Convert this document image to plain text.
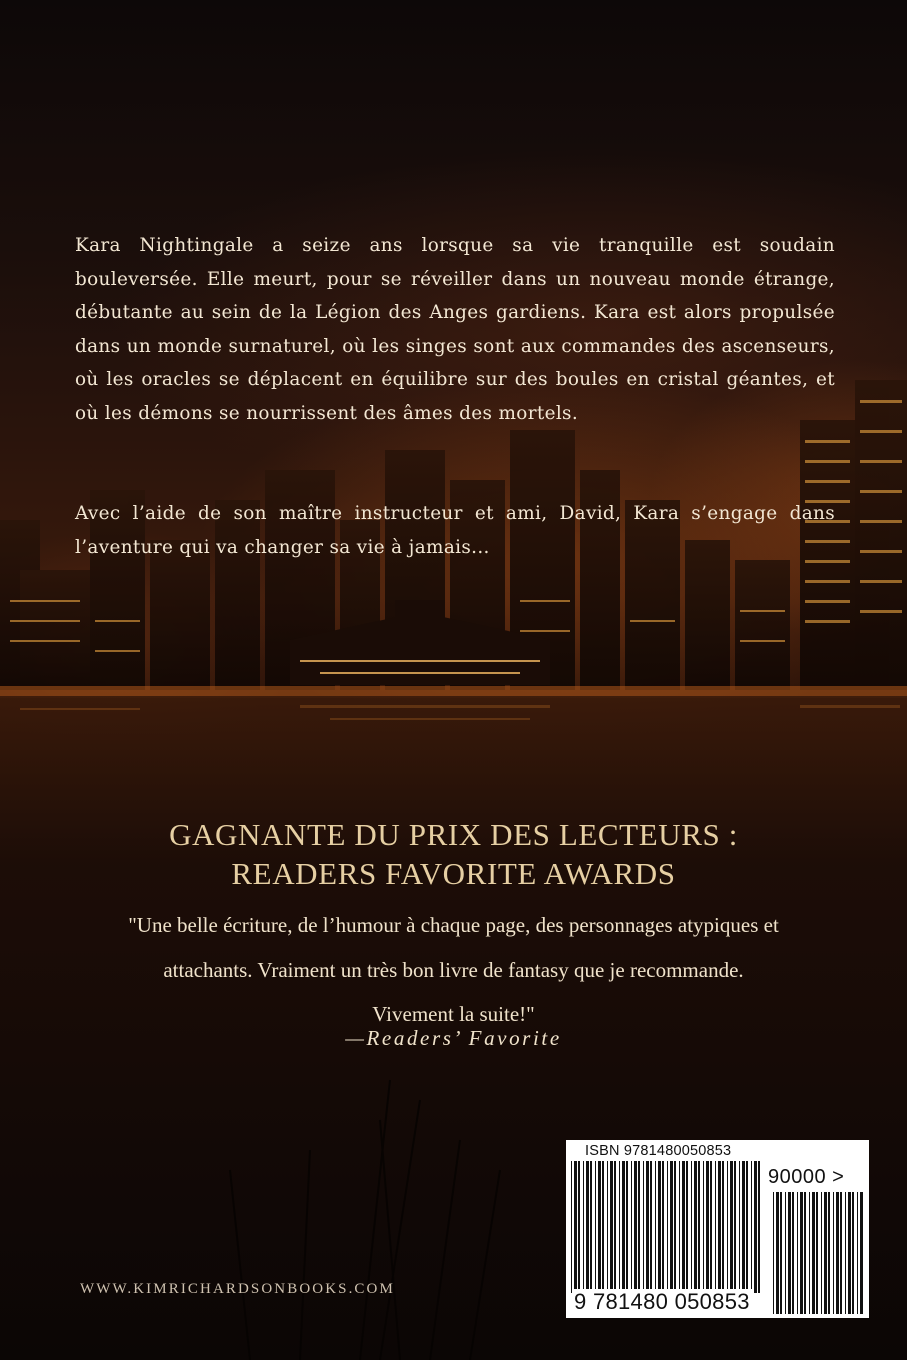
Kara Nightingale a seize ans lorsque sa vie tranquille est soudain bouleversée. Elle meurt, pour se réveiller dans un nouveau monde étrange, débutante au sein de la Légion des Anges gardiens. Kara est alors propulsée dans un monde surnaturel, où les singes sont aux commandes des ascenseurs, où les oracles se déplacent en équilibre sur des boules en cristal géantes, et où les démons se nourrissent des âmes des mortels.

Avec l’aide de son maître instructeur et ami, David, Kara s’engage dans l’aventure qui va changer sa vie à jamais...

GAGNANTE DU PRIX DES LECTEURS :
READERS FAVORITE AWARDS
"Une belle écriture, de l’humour à chaque page, des personnages atypiques et
attachants. Vraiment un très bon livre de fantasy que je recommande.
Vivement la suite!"
—Readers’ Favorite
WWW.KIMRICHARDSONBOOKS.COM
ISBN 9781480050853
90000 >
9 781480 050853
